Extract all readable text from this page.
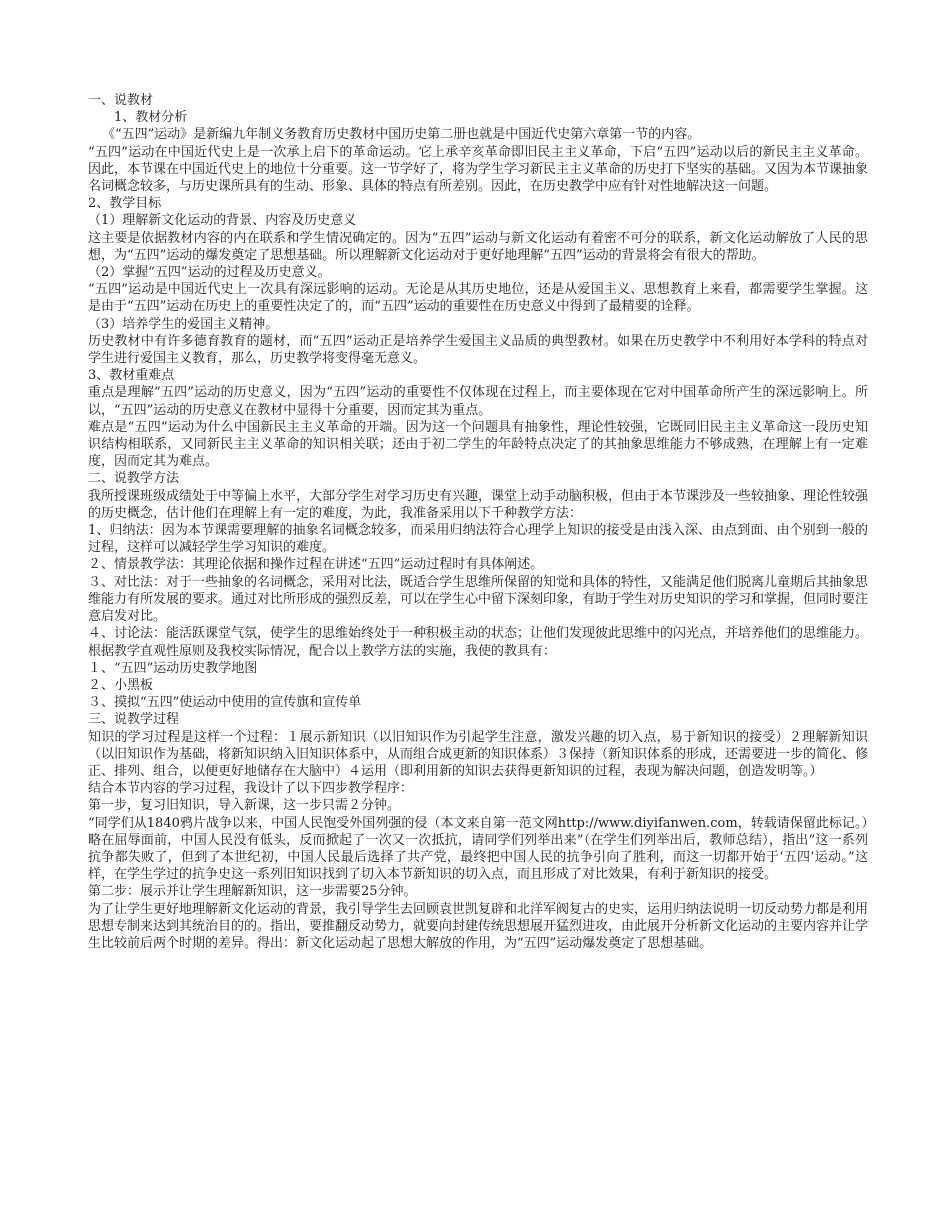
一、说教材

1、教材分析

《“五四”运动》是新编九年制义务教育历史教材中国历史第二册也就是中国近代史第六章第一节的内容。

“五四”运动在中国近代史上是一次承上启下的革命运动。它上承辛亥革命即旧民主主义革命，下启“五四”运动以后的新民主主义革命。因此，本节课在中国近代史上的地位十分重要。这一节学好了，将为学生学习新民主主义革命的历史打下坚实的基础。又因为本节课抽象名词概念较多，与历史课所具有的生动、形象、具体的特点有所差别。因此，在历史教学中应有针对性地解决这一问题。

2、教学目标

（1）理解新文化运动的背景、内容及历史意义

这主要是依据教材内容的内在联系和学生情况确定的。因为“五四”运动与新文化运动有着密不可分的联系，新文化运动解放了人民的思想，为“五四”运动的爆发奠定了思想基础。所以理解新文化运动对于更好地理解“五四”运动的背景将会有很大的帮助。

（2）掌握“五四”运动的过程及历史意义。

“五四”运动是中国近代史上一次具有深远影响的运动。无论是从其历史地位，还是从爱国主义、思想教育上来看，都需要学生掌握。这是由于“五四”运动在历史上的重要性决定了的，而“五四”运动的重要性在历史意义中得到了最精要的诠释。

（3）培养学生的爱国主义精神。

历史教材中有许多德育教育的题材，而“五四”运动正是培养学生爱国主义品质的典型教材。如果在历史教学中不利用好本学科的特点对学生进行爱国主义教育，那么，历史教学将变得毫无意义。

3、教材重难点

重点是理解“五四”运动的历史意义，因为“五四”运动的重要性不仅体现在过程上，而主要体现在它对中国革命所产生的深远影响上。所以，“五四”运动的历史意义在教材中显得十分重要，因而定其为重点。

难点是“五四”运动为什么中国新民主主义革命的开端。因为这一个问题具有抽象性，理论性较强，它既同旧民主主义革命这一段历史知识结构相联系，又同新民主主义革命的知识相关联；还由于初二学生的年龄特点决定了的其抽象思维能力不够成熟，在理解上有一定难度，因而定其为难点。

二、说教学方法

我所授课班级成绩处于中等偏上水平，大部分学生对学习历史有兴趣，课堂上动手动脑积极，但由于本节课涉及一些较抽象、理论性较强的历史概念，估计他们在理解上有一定的难度，为此，我准备采用以下千种教学方法：

1、归纳法：因为本节课需要理解的抽象名词概念较多，而采用归纳法符合心理学上知识的接受是由浅入深、由点到面、由个别到一般的过程，这样可以减轻学生学习知识的难度。

２、情景教学法：其理论依据和操作过程在讲述“五四”运动过程时有具体阐述。

３、对比法：对于一些抽象的名词概念，采用对比法，既适合学生思维所保留的知觉和具体的特性，又能满足他们脱离儿童期后其抽象思维能力有所发展的要求。通过对比所形成的强烈反差，可以在学生心中留下深刻印象，有助于学生对历史知识的学习和掌握，但同时要注意启发对比。

４、讨论法：能活跃课堂气氛，使学生的思维始终处于一种积极主动的状态；让他们发现彼此思维中的闪光点，并培养他们的思维能力。

根据教学直观性原则及我校实际情况，配合以上教学方法的实施，我使的教具有：

１、“五四”运动历史教学地图

２、小黑板

３、摸拟“五四”使运动中使用的宣传旗和宣传单

三、说教学过程

知识的学习过程是这样一个过程：１展示新知识（以旧知识作为引起学生注意，激发兴趣的切入点，易于新知识的接受）２理解新知识（以旧知识作为基础，将新知识纳入旧知识体系中，从而组合成更新的知识体系）３保持（新知识体系的形成，还需要进一步的简化、修正、排列、组合，以便更好地储存在大脑中）４运用（即利用新的知识去获得更新知识的过程，表现为解决问题，创造发明等。）

结合本节内容的学习过程，我设计了以下四步教学程序：

第一步，复习旧知识，导入新课，这一步只需２分钟。

“同学们从1840鸦片战争以来，中国人民饱受外国列强的侵（本文来自第一范文网http://www.diyifanwen.com，转载请保留此标记。）略在屈辱面前，中国人民没有低头，反而掀起了一次又一次抵抗，请同学们列举出来”（在学生们列举出后，教师总结），指出“这一系列抗争都失败了，但到了本世纪初，中国人民最后选择了共产党，最终把中国人民的抗争引向了胜利，而这一切都开始于‘五四’运动。”这样，在学生学过的抗争史这一系列旧知识找到了切入本节新知识的切入点，而且形成了对比效果，有利于新知识的接受。

第二步：展示并让学生理解新知识，这一步需要25分钟。

为了让学生更好地理解新文化运动的背景，我引导学生去回顾袁世凯复辟和北洋军阀复古的史实，运用归纳法说明一切反动势力都是利用思想专制来达到其统治目的的。指出，要推翻反动势力，就要向封建传统思想展开猛烈进攻，由此展开分析新文化运动的主要内容并让学生比较前后两个时期的差异。得出：新文化运动起了思想大解放的作用，为“五四”运动爆发奠定了思想基础。
